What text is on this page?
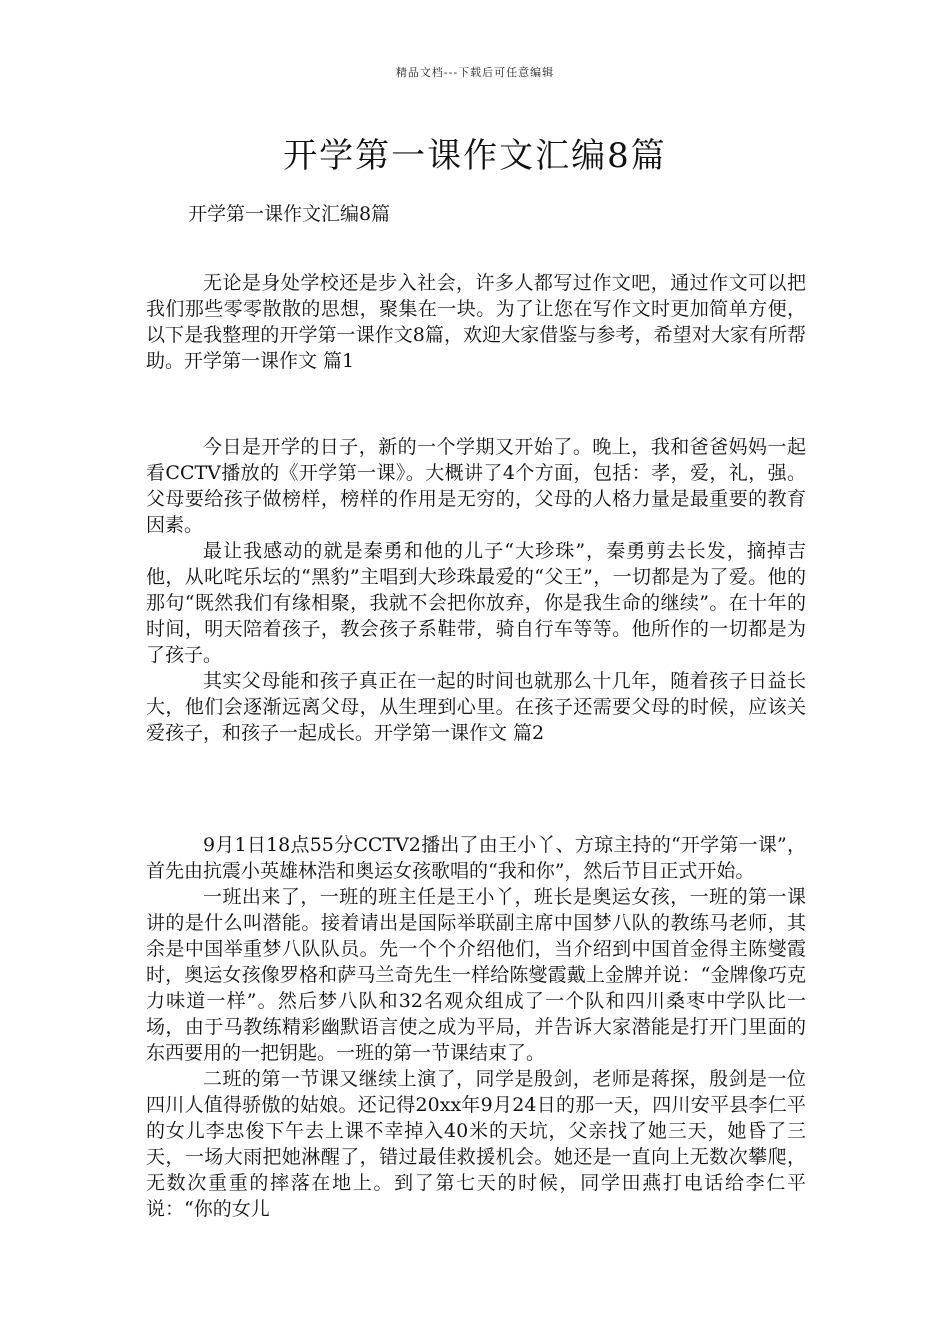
精品文档---下载后可任意编辑
开学第一课作文汇编8篇
开学第一课作文汇编8篇

无论是身处学校还是步入社会，许多人都写过作文吧，通过作文可以把我们那些零零散散的思想，聚集在一块。为了让您在写作文时更加简单方便，以下是我整理的开学第一课作文8篇，欢迎大家借鉴与参考，希望对大家有所帮助。开学第一课作文 篇1

今日是开学的日子，新的一个学期又开始了。晚上，我和爸爸妈妈一起看CCTV播放的《开学第一课》。大概讲了4个方面，包括：孝，爱，礼，强。父母要给孩子做榜样，榜样的作用是无穷的，父母的人格力量是最重要的教育因素。

最让我感动的就是秦勇和他的儿子“大珍珠”，秦勇剪去长发，摘掉吉他，从叱咤乐坛的“黑豹”主唱到大珍珠最爱的“父王”，一切都是为了爱。他的那句“既然我们有缘相聚，我就不会把你放弃，你是我生命的继续”。在十年的时间，明天陪着孩子，教会孩子系鞋带，骑自行车等等。他所作的一切都是为了孩子。

其实父母能和孩子真正在一起的时间也就那么十几年，随着孩子日益长大，他们会逐渐远离父母，从生理到心里。在孩子还需要父母的时候，应该关爱孩子，和孩子一起成长。开学第一课作文 篇2

9月1日18点55分CCTV2播出了由王小丫、方琼主持的“开学第一课”，首先由抗震小英雄林浩和奥运女孩歌唱的“我和你”，然后节目正式开始。

一班出来了，一班的班主任是王小丫，班长是奥运女孩，一班的第一课讲的是什么叫潜能。接着请出是国际举联副主席中国梦八队的教练马老师，其余是中国举重梦八队队员。先一个个介绍他们，当介绍到中国首金得主陈燮霞时，奥运女孩像罗格和萨马兰奇先生一样给陈燮霞戴上金牌并说：“金牌像巧克力味道一样”。然后梦八队和32名观众组成了一个队和四川桑枣中学队比一场，由于马教练精彩幽默语言使之成为平局，并告诉大家潜能是打开门里面的东西要用的一把钥匙。一班的第一节课结束了。

二班的第一节课又继续上演了，同学是殷剑，老师是蒋探，殷剑是一位四川人值得骄傲的姑娘。还记得20xx年9月24日的那一天，四川安平县李仁平的女儿李忠俊下午去上课不幸掉入40米的天坑，父亲找了她三天，她昏了三天，一场大雨把她淋醒了，错过最佳救援机会。她还是一直向上无数次攀爬，无数次重重的摔落在地上。到了第七天的时候，同学田燕打电话给李仁平说：“你的女儿
